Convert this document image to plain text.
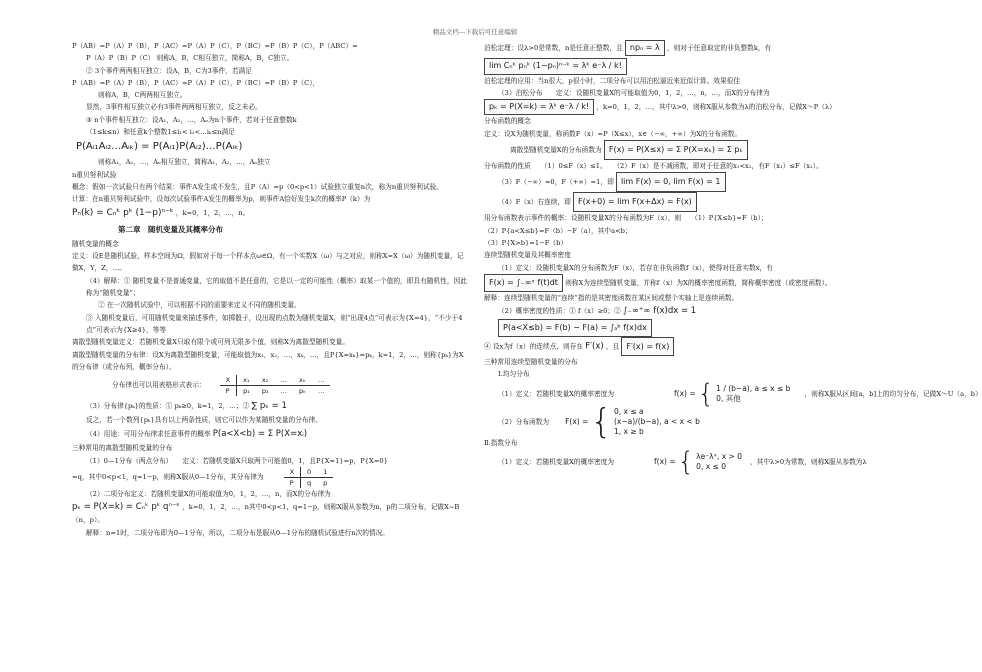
精品文档---下载后可任意编辑
P（AB）=P（A）P（B），P（AC）=P（A）P（C），P（BC）=P（B）P（C），P（ABC）=
P（A）P（B）P（C） 则称A，B，C相互独立，简称A，B，C独立。
② 3个事件两两相互独立：设A，B，C为3事件，若满足
P（AB）=P（A）P（B），P（AC）=P（A）P（C），P（BC）=P（B）P（C），
则称A，B，C两两相互独立。
显然，3事件相互独立必有3事件两两相互独立，反之未必。
③ n个事件相互独立：设A₁，A₂，…，Aₙ为n个事件，若对于任意整数k
（1≤k≤n）和任意k个整数1≤i₁< i₂<…iₖ≤n满足
P(Aᵢ₁Aᵢ₂…Aᵢₖ) = P(Aᵢ₁)P(Aᵢ₂)…P(Aᵢₖ)
则称A₁，A₂，…，Aₙ相互独立，简称A₁，A₂，…，Aₙ独立
n重贝努利试验
概念：假如一次试验只有两个结果：事件A发生或不发生，且P（A）=p（0<p<1）试验独立重复n次，称为n重贝努利试验。
计算：在n重贝努利试验中，设每次试验事件A发生的概率为p，则事件A恰好发生k次的概率P（k）为
Pₙ(k) = Cₙᵏ pᵏ (1−p)ⁿ⁻ᵏ ，k=0，1，2，…，n。
第二章　随机变量及其概率分布
随机变量的概念
定义：设E是随机试验，样本空间为Ω，假如对于每一个样本点ω∈Ω，有一个实数X（ω）与之对应，则称X=X（ω）为随机变量，记做X，Y，Z，…。
（4）解释：① 随机变量不是普通变量，它的取值不是任意的，它是以一定的可能性（概率）取某一个值的，即具有随机性，因此称为“随机变量”；
② 在一次随机试验中，可以根据不同的需要来定义不同的随机变量。
③ 入随机变量后，可用随机变量来描述事件，如掷骰子，设出现的点数为随机变量X，则“出现4点”可表示为{X=4}，“不少于4点”可表示为{X≥4}，等等
离散型随机变量定义：若随机变量X只取有限个或可列无限多个值，则称X为离散型随机变量。
离散型随机变量的分布律：设X为离散型随机变量，可能取值为x₁，x₂，…，xₖ，…，且P{X=xₖ}=pₖ，k=1，2，…，则称{pₖ}为X的分布律（或分布列，概率分布）。
分布律也可以用表格形式表示：
X	x₁	x₂	…	xₖ	…
P	p₁	p₂	…	pₖ	…
（3）分布律{pₖ}的性质：① pₖ≥0，k=1，2，…；② ∑ pₖ = 1
反之，若一个数列{pₖ}具有以上两条性质，则它可以作为某随机变量的分布律。
（4）用途：可用分布律求任意事件的概率 P(a<X<b) = Σ P(X=xᵢ)
三种常用的离散型随机变量的分布
（1）0—1分布（两点分布）　　定义：若随机变量X只取两个可能值0，1，且P{X=1}=p，P{X=0}
=q，其中0<p<1，q=1−p，则称X服从0—1分布，其分布律为
X	0	1
P	q	p
（2）二项分布定义：若随机变量X的可能取值为0，1，2，…，n，而X的分布律为
pₖ = P(X=k) = Cₙᵏ pᵏ qⁿ⁻ᵏ ，k=0，1，2，…，n其中0<p<1，q=1−p，则称X服从参数为n，p的二项分布，记做X~B（n，p）。
解释：n=1时，二项分布即为0—1分布，所以，二项分布是服从0—1分布的随机试验进行n次的情况。
泊松定理：设λ>0是常数，n是任意正整数，且 npₙ = λ ，则对于任意取定的非负整数k，有
lim Cₙᵏ pₙᵏ (1−pₙ)ⁿ⁻ᵏ = λᵏ e⁻λ / k!
泊松定理的应用：当n很大，p很小时，二项分布可以用泊松逼近来近似计算。效果很佳
（3）泊松分布　　定义：设随机变量X的可能取值为0，1，2，…，n，…，而X的分布律为
pₖ = P(X=k) = λᵏ e⁻λ / k! ，k=0，1，2，…，其中λ>0，则称X服从参数为λ的泊松分布，记做X～P（λ）
分布函数的概念
定义：设X为随机变量，称函数F（x）=P（X≤x），x∈（−∞，+∞）为X的分布函数。
离散型随机变量X的分布函数为 F(x) = P(X≤x) = Σ P(X=xₖ) = Σ pₖ
分布函数的性质　　（1）0≤F（x）≤1。　　（2）F（x）是不减函数，即对于任意的x₁<x₂，有F（x₁）≤F（x₂）。
（3）F（−∞）=0，F（+∞）=1，即 lim F(x) = 0, lim F(x) = 1
（4）F（x）右连续，即 F(x+0) = lim F(x+Δx) = F(x)
用分布函数表示事件的概率：设随机变量X的分布函数为F（x），则　　（1）P{X≤b}=F（b）；
（2）P{a<X≤b}=F（b）−F（a），其中a<b；
（3）P{X>b}=1−F（b）
连续型随机变量及其概率密度
（1）定义：设随机变量X的分布函数为F（x），若存在非负函数f（x），使得对任意实数x，有
F(x) = ∫₋∞ˣ f(t)dt 则称X为连续型随机变量，并称f（x）为X的概率密度函数，简称概率密度（或密度函数）。
解释：连续型随机变量的“连续”指的是其密度函数在某区间或整个实轴上是连续函数。
（2）概率密度的性质：① f（x）≥0；② ∫₋∞⁺∞ f(x)dx = 1
P(a<X≤b) = F(b) − F(a) = ∫ₐᵇ f(x)dx
④ 设x为f（x）的连续点，则存在 F′(x) ，且 F′(x) = f(x)
三种常用连续型随机变量的分布
Ⅰ.均匀分布
（1）定义：若随机变量X的概率密度为	f(x) = { 1 / (b−a), a ≤ x ≤ b
0, 其他
，则称X服从区间[a，b]上的均匀分布，记做X～U（a，b）
（2）分布函数为 F(x) = { 0, x ≤ a
(x−a)/(b−a), a < x < b
1, x ≥ b
Ⅱ.指数分布
（1）定义：若随机变量X的概率密度为	f(x) = { λe⁻λˣ, x > 0
0, x ≤ 0
，其中λ>0为常数，则称X服从参数为λ
